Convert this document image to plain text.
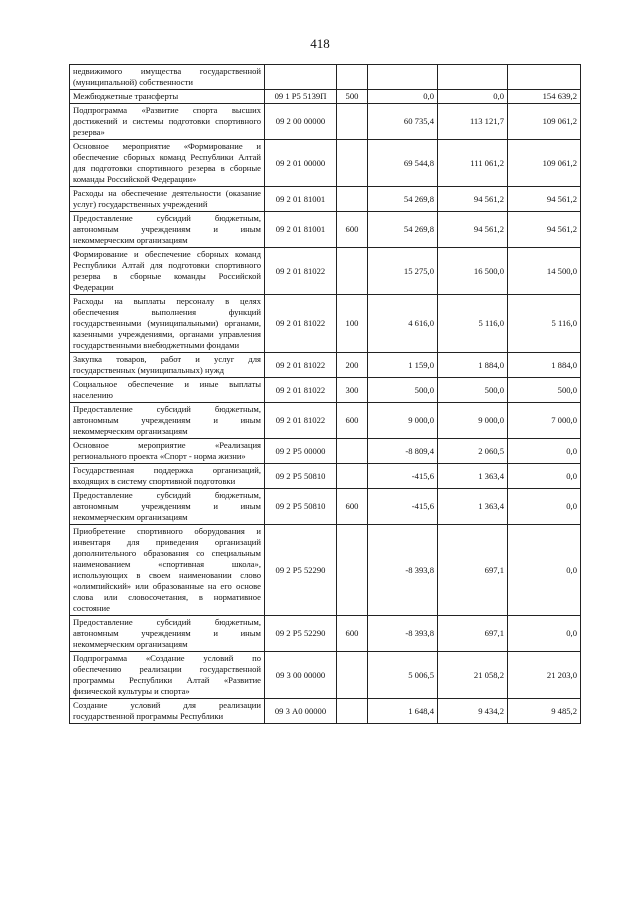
418
недвижимого имущества государственной (муниципальной) собственности					
Межбюджетные трансферты	09 1 P5 5139П	500	0,0	0,0	154 639,2
Подпрограмма «Развитие спорта высших достижений и системы подготовки спортивного резерва»	09 2 00 00000		60 735,4	113 121,7	109 061,2
Основное мероприятие «Формирование и обеспечение сборных команд Республики Алтай для подготовки спортивного резерва в сборные команды Российской Федерации»	09 2 01 00000		69 544,8	111 061,2	109 061,2
Расходы на обеспечение деятельности (оказание услуг) государственных учреждений	09 2 01 81001		54 269,8	94 561,2	94 561,2
Предоставление субсидий бюджетным, автономным учреждениям и иным некоммерческим организациям	09 2 01 81001	600	54 269,8	94 561,2	94 561,2
Формирование и обеспечение сборных команд Республики Алтай для подготовки спортивного резерва в сборные команды Российской Федерации	09 2 01 81022		15 275,0	16 500,0	14 500,0
Расходы на выплаты персоналу в целях обеспечения выполнения функций государственными (муниципальными) органами, казенными учреждениями, органами управления государственными внебюджетными фондами	09 2 01 81022	100	4 616,0	5 116,0	5 116,0
Закупка товаров, работ и услуг для государственных (муниципальных) нужд	09 2 01 81022	200	1 159,0	1 884,0	1 884,0
Социальное обеспечение и иные выплаты населению	09 2 01 81022	300	500,0	500,0	500,0
Предоставление субсидий бюджетным, автономным учреждениям и иным некоммерческим организациям	09 2 01 81022	600	9 000,0	9 000,0	7 000,0
Основное мероприятие «Реализация регионального проекта «Спорт - норма жизни»	09 2 P5 00000		-8 809,4	2 060,5	0,0
Государственная поддержка организаций, входящих в систему спортивной подготовки	09 2 P5 50810		-415,6	1 363,4	0,0
Предоставление субсидий бюджетным, автономным учреждениям и иным некоммерческим организациям	09 2 P5 50810	600	-415,6	1 363,4	0,0
Приобретение спортивного оборудования и инвентаря для приведения организаций дополнительного образования со специальным наименованием «спортивная школа», использующих в своем наименовании слово «олимпийский» или образованные на его основе слова или словосочетания, в нормативное состояние	09 2 P5 52290		-8 393,8	697,1	0,0
Предоставление субсидий бюджетным, автономным учреждениям и иным некоммерческим организациям	09 2 P5 52290	600	-8 393,8	697,1	0,0
Подпрограмма «Создание условий по обеспечению реализации государственной программы Республики Алтай «Развитие физической культуры и спорта»	09 3 00 00000		5 006,5	21 058,2	21 203,0
Создание условий для реализации государственной программы Республики	09 3 А0 00000		1 648,4	9 434,2	9 485,2
